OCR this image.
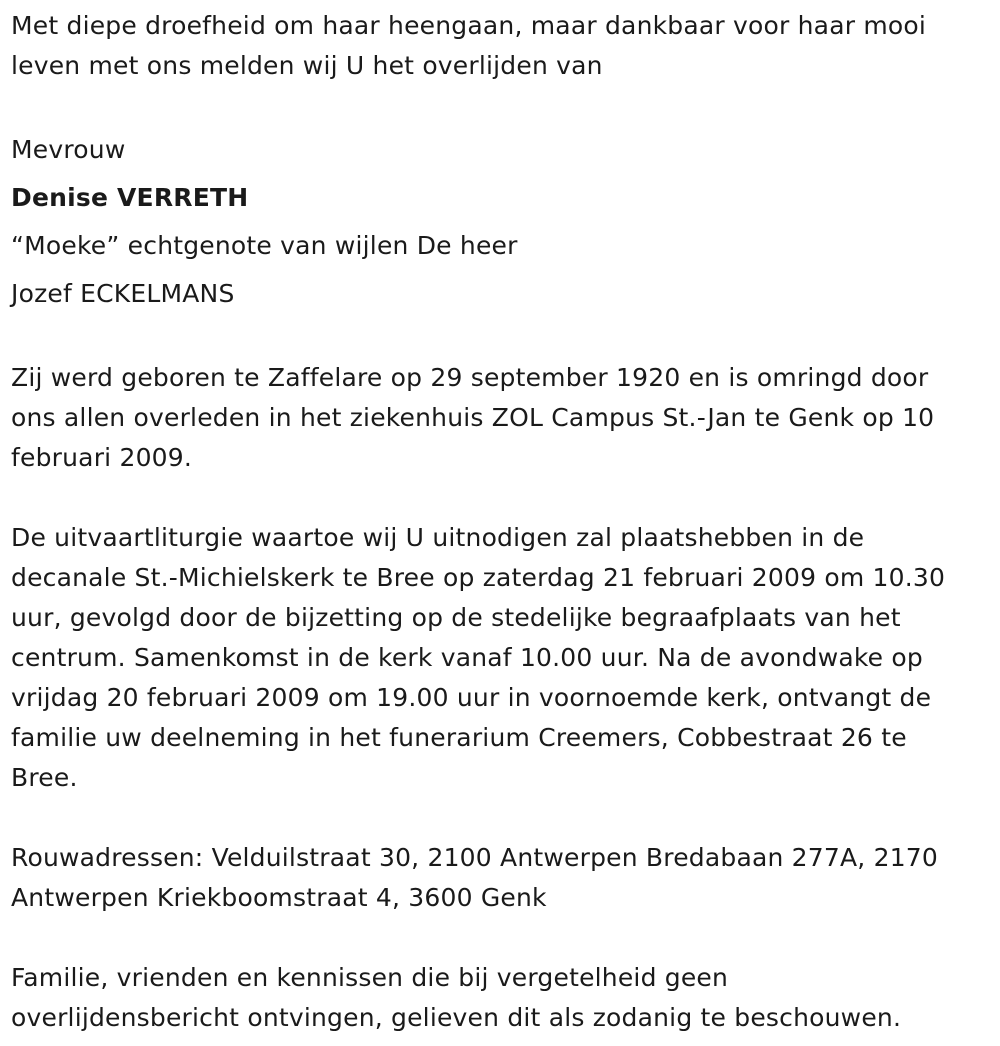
Met diepe droefheid om haar heengaan, maar dankbaar voor haar mooi
leven met ons melden wij U het overlijden van

Mevrouw

Denise VERRETH

“Moeke” echtgenote van wijlen De heer

Jozef ECKELMANS

Zij werd geboren te Zaffelare op 29 september 1920 en is omringd door
ons allen overleden in het ziekenhuis ZOL Campus St.-Jan te Genk op 10
februari 2009.

De uitvaartliturgie waartoe wij U uitnodigen zal plaatshebben in de
decanale St.-Michielskerk te Bree op zaterdag 21 februari 2009 om 10.30
uur, gevolgd door de bijzetting op de stedelijke begraafplaats van het
centrum. Samenkomst in de kerk vanaf 10.00 uur. Na de avondwake op
vrijdag 20 februari 2009 om 19.00 uur in voornoemde kerk, ontvangt de
familie uw deelneming in het funerarium Creemers, Cobbestraat 26 te
Bree.

Rouwadressen: Velduilstraat 30, 2100 Antwerpen Bredabaan 277A, 2170
Antwerpen Kriekboomstraat 4, 3600 Genk

Familie, vrienden en kennissen die bij vergetelheid geen
overlijdensbericht ontvingen, gelieven dit als zodanig te beschouwen.
